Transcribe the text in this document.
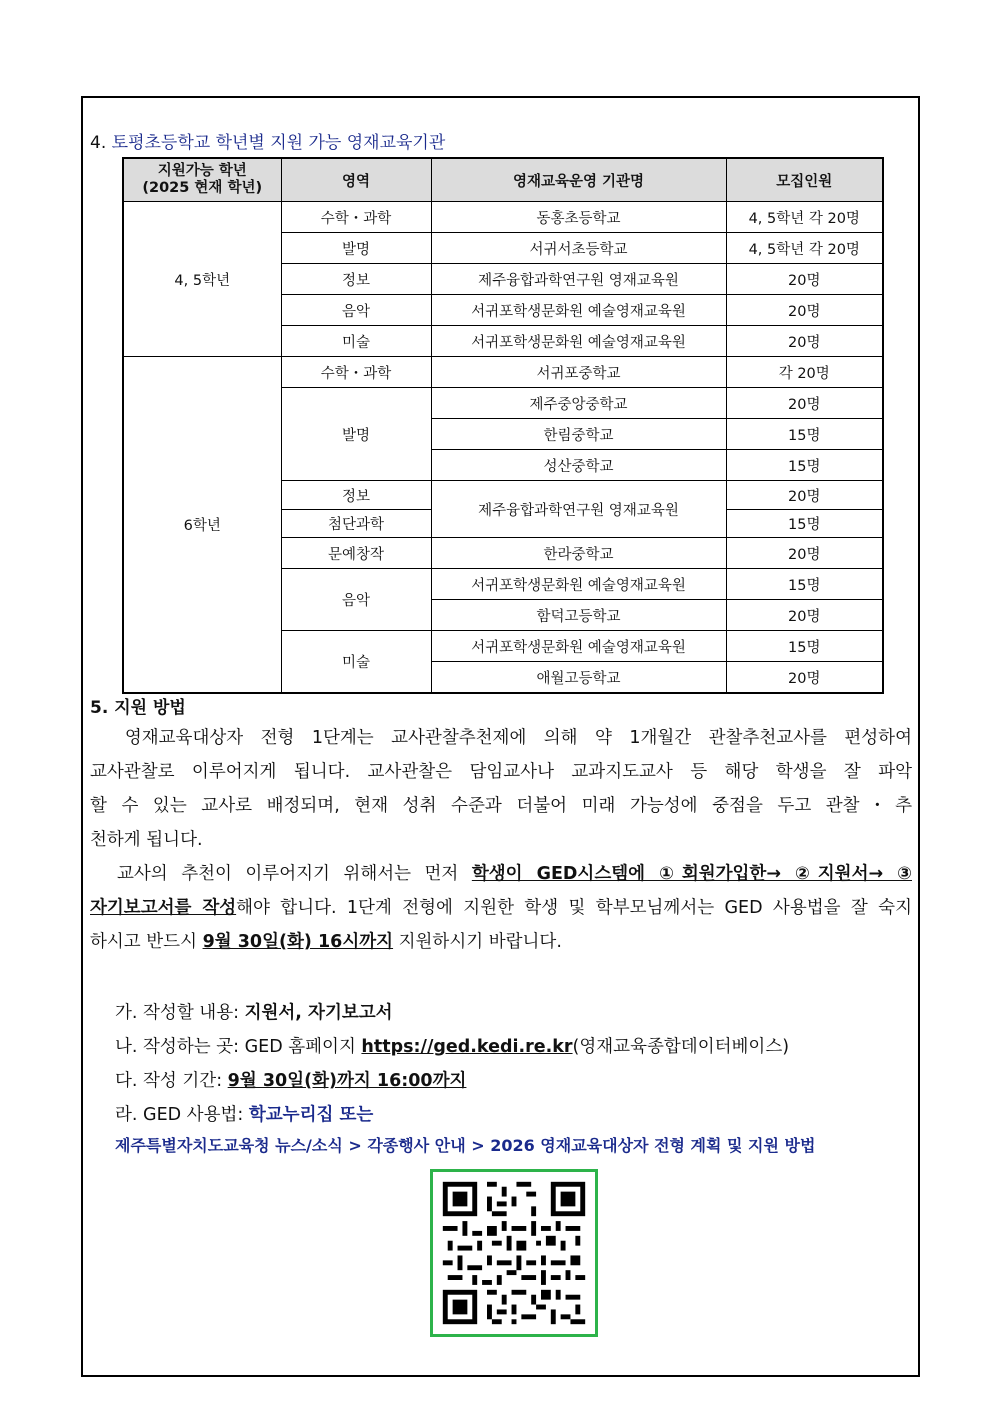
4. 토평초등학교 학년별 지원 가능 영재교육기관
지원가능 학년
(2025 현재 학년)	영역	영재교육운영 기관명	모집인원
4, 5학년	수학・과학	동홍초등학교	4, 5학년 각 20명
	발명	서귀서초등학교	4, 5학년 각 20명
	정보	제주융합과학연구원 영재교육원	20명
	음악	서귀포학생문화원 예술영재교육원	20명
	미술	서귀포학생문화원 예술영재교육원	20명
6학년	수학・과학	서귀포중학교	각 20명
	발명	제주중앙중학교	20명
		한림중학교	15명
		성산중학교	15명
	정보	제주융합과학연구원 영재교육원	20명
	첨단과학		15명
	문예창작	한라중학교	20명
	음악	서귀포학생문화원 예술영재교육원	15명
		함덕고등학교	20명
	미술	서귀포학생문화원 예술영재교육원	15명
		애월고등학교	20명
5. 지원 방법
영재교육대상자 전형 1단계는 교사관찰추천제에 의해 약 1개월간 관찰추천교사를 편성하여
교사관찰로 이루어지게 됩니다. 교사관찰은 담임교사나 교과지도교사 등 해당 학생을 잘 파악
할 수 있는 교사로 배정되며, 현재 성취 수준과 더불어 미래 가능성에 중점을 두고 관찰・추
천하게 됩니다.
교사의 추천이 이루어지기 위해서는 먼저 학생이 GED시스템에 ①회원가입한→ ②지원서→ ③
자기보고서를 작성해야 합니다. 1단계 전형에 지원한 학생 및 학부모님께서는 GED 사용법을 잘 숙지
하시고 반드시 9월 30일(화) 16시까지 지원하시기 바랍니다.
가. 작성할 내용: 지원서, 자기보고서
나. 작성하는 곳: GED 홈페이지 https://ged.kedi.re.kr(영재교육종합데이터베이스)
다. 작성 기간: 9월 30일(화)까지 16:00까지
라. GED 사용법: 학교누리집 또는
제주특별자치도교육청 뉴스/소식 > 각종행사 안내 > 2026 영재교육대상자 전형 계획 및 지원 방법
